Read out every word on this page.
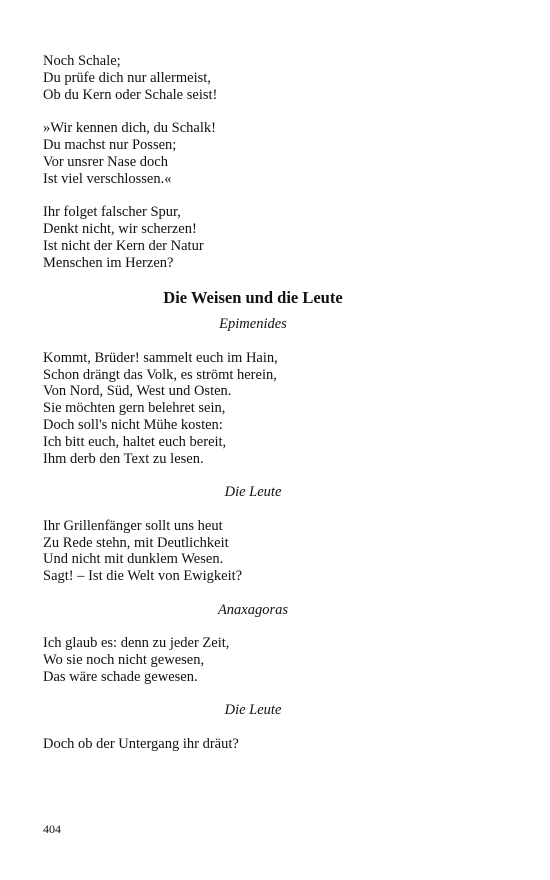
Noch Schale;
Du prüfe dich nur allermeist,
Ob du Kern oder Schale seist!
»Wir kennen dich, du Schalk!
Du machst nur Possen;
Vor unsrer Nase doch
Ist viel verschlossen.«
Ihr folget falscher Spur,
Denkt nicht, wir scherzen!
Ist nicht der Kern der Natur
Menschen im Herzen?
Die Weisen und die Leute
Epimenides
Kommt, Brüder! sammelt euch im Hain,
Schon drängt das Volk, es strömt herein,
Von Nord, Süd, West und Osten.
Sie möchten gern belehret sein,
Doch soll's nicht Mühe kosten:
Ich bitt euch, haltet euch bereit,
Ihm derb den Text zu lesen.
Die Leute
Ihr Grillenfänger sollt uns heut
Zu Rede stehn, mit Deutlichkeit
Und nicht mit dunklem Wesen.
Sagt! – Ist die Welt von Ewigkeit?
Anaxagoras
Ich glaub es: denn zu jeder Zeit,
Wo sie noch nicht gewesen,
Das wäre schade gewesen.
Die Leute
Doch ob der Untergang ihr dräut?
404
